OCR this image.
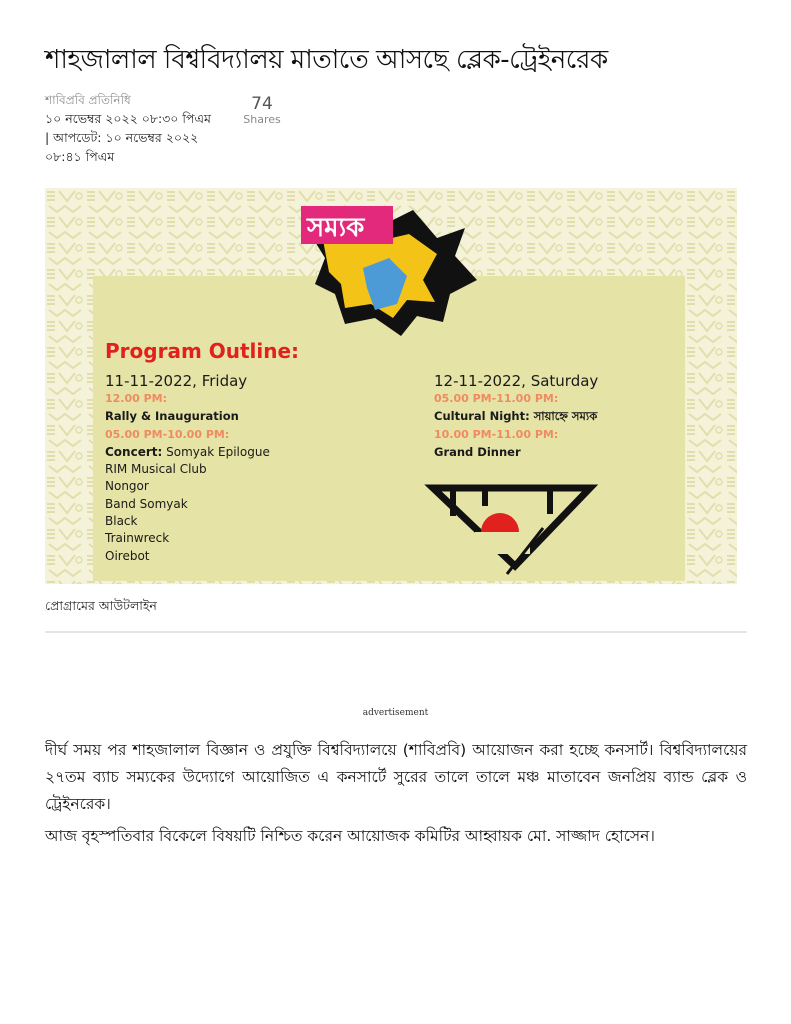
শাহজালাল বিশ্ববিদ্যালয় মাতাতে আসছে ব্লেক-ট্রেইনরেক
শাবিপ্রবি প্রতিনিধি
১০ নভেম্বর ২০২২ ০৮:৩০ পিএম | আপডেট: ১০ নভেম্বর ২০২২ ০৮:৪১ পিএম
74
Shares
সম্যক
Program Outline:
11-11-2022, Friday
12.00 PM:
Rally & Inauguration
05.00 PM-10.00 PM:
Concert: Somyak Epilogue
RIM Musical Club
Nongor
Band Somyak
Black
Trainwreck
Oirebot
12-11-2022, Saturday
05.00 PM-11.00 PM:
Cultural Night: সায়াহ্নে সম্যক
10.00 PM-11.00 PM:
Grand Dinner
প্রোগ্রামের আউটলাইন
advertisement

দীর্ঘ সময় পর শাহজালাল বিজ্ঞান ও প্রযুক্তি বিশ্ববিদ্যালয়ে (শাবিপ্রবি) আয়োজন করা হচ্ছে কনসার্ট। বিশ্ববিদ্যালয়ের ২৭তম ব্যাচ সম্যকের উদ্যোগে আয়োজিত এ কনসার্টে সুরের তালে তালে মঞ্চ মাতাবেন জনপ্রিয় ব্যান্ড ব্লেক ও ট্রেইনরেক।

আজ বৃহস্পতিবার বিকেলে বিষয়টি নিশ্চিত করেন আয়োজক কমিটির আহ্বায়ক মো. সাজ্জাদ হোসেন।
